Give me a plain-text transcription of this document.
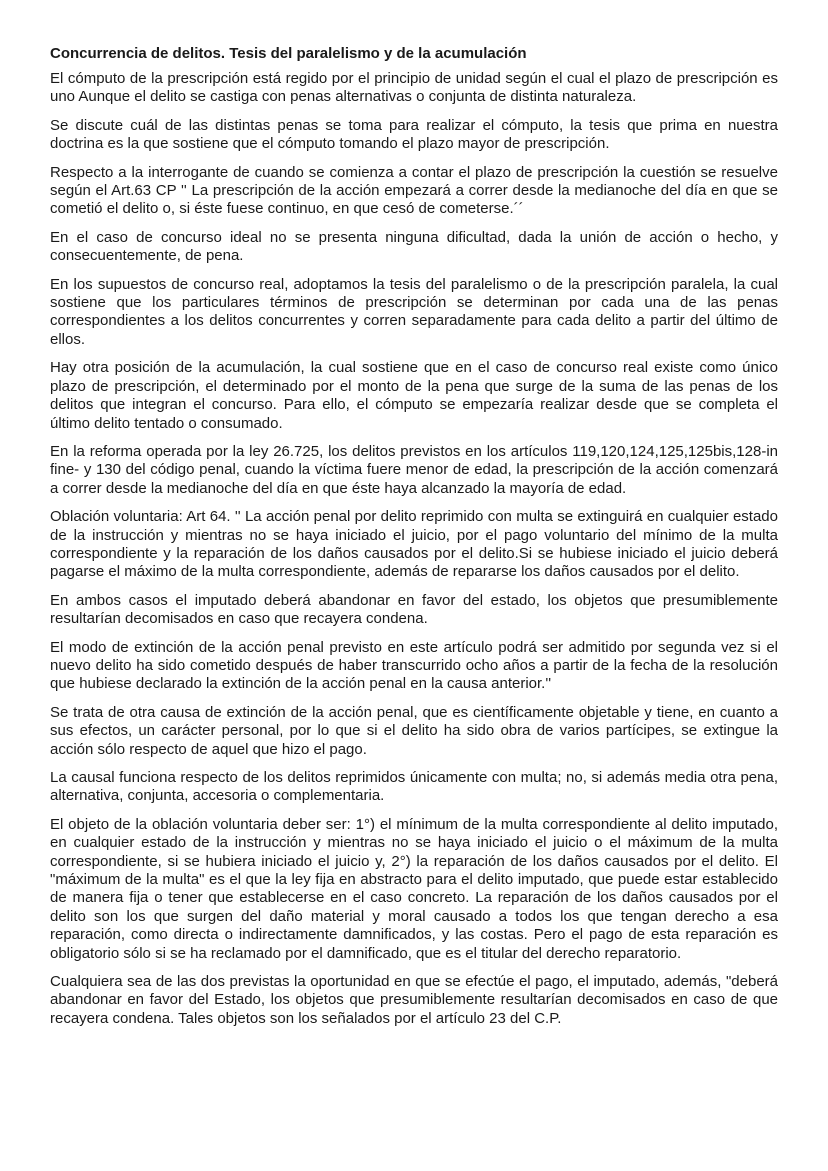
Concurrencia de delitos. Tesis del paralelismo y de la acumulación

El cómputo de la prescripción está regido por el principio de unidad según el cual el plazo de prescripción es uno Aunque el delito se castiga con penas alternativas o conjunta de distinta naturaleza.

Se discute cuál de las distintas penas se toma para realizar el cómputo, la tesis que prima en nuestra doctrina es la que sostiene que el cómputo tomando el plazo mayor de prescripción.

Respecto a la interrogante de cuando se comienza a contar el plazo de prescripción la cuestión se resuelve según el Art.63 CP '' La prescripción de la acción empezará a correr desde la medianoche del día en que se cometió el delito o, si éste fuese continuo, en que cesó de cometerse.´´

En el caso de concurso ideal no se presenta ninguna dificultad, dada la unión de acción o hecho, y consecuentemente, de pena.

En los supuestos de concurso real, adoptamos la tesis del paralelismo o de la prescripción paralela, la cual sostiene que los particulares términos de prescripción se determinan por cada una de las penas correspondientes a los delitos concurrentes y corren separadamente para cada delito a partir del último de ellos.

Hay otra posición de la acumulación, la cual sostiene que en el caso de concurso real existe como único plazo de prescripción, el determinado por el monto de la pena que surge de la suma de las penas de los delitos que integran el concurso. Para ello, el cómputo se empezaría realizar desde que se completa el último delito tentado o consumado.

En la reforma operada por la ley 26.725, los delitos previstos en los artículos 119,120,124,125,125bis,128-in fine- y 130 del código penal, cuando la víctima fuere menor de edad, la prescripción de la acción comenzará a correr desde la medianoche del día en que éste haya alcanzado la mayoría de edad.

Oblación voluntaria: Art 64. '' La acción penal por delito reprimido con multa se extinguirá en cualquier estado de la instrucción y mientras no se haya iniciado el juicio, por el pago voluntario del mínimo de la multa correspondiente y la reparación de los daños causados por el delito.Si se hubiese iniciado el juicio deberá pagarse el máximo de la multa correspondiente, además de repararse los daños causados por el delito.

En ambos casos el imputado deberá abandonar en favor del estado, los objetos que presumiblemente resultarían decomisados en caso que recayera condena.

El modo de extinción de la acción penal previsto en este artículo podrá ser admitido por segunda vez si el nuevo delito ha sido cometido después de haber transcurrido ocho años a partir de la fecha de la resolución que hubiese declarado la extinción de la acción penal en la causa anterior.''

Se trata de otra causa de extinción de la acción penal, que es científicamente objetable y tiene, en cuanto a sus efectos, un carácter personal, por lo que si el delito ha sido obra de varios partícipes, se extingue la acción sólo respecto de aquel que hizo el pago.

La causal funciona respecto de los delitos reprimidos únicamente con multa; no, si además media otra pena, alternativa, conjunta, accesoria o complementaria.

El objeto de la oblación voluntaria deber ser: 1°) el mínimum de la multa correspondiente al delito imputado, en cualquier estado de la instrucción y mientras no se haya iniciado el juicio o el máximum de la multa correspondiente, si se hubiera iniciado el juicio y, 2°) la reparación de los daños causados por el delito. El "máximum de la multa" es el que la ley fija en abstracto para el delito imputado, que puede estar establecido de manera fija o tener que establecerse en el caso concreto. La reparación de los daños causados por el delito son los que surgen del daño material y moral causado a todos los que tengan derecho a esa reparación, como directa o indirectamente damnificados, y las costas. Pero el pago de esta reparación es obligatorio sólo si se ha reclamado por el damnificado, que es el titular del derecho reparatorio.

Cualquiera sea de las dos previstas la oportunidad en que se efectúe el pago, el imputado, además, "deberá abandonar en favor del Estado, los objetos que presumiblemente resultarían decomisados en caso de que recayera condena. Tales objetos son los señalados por el artículo 23 del C.P.
